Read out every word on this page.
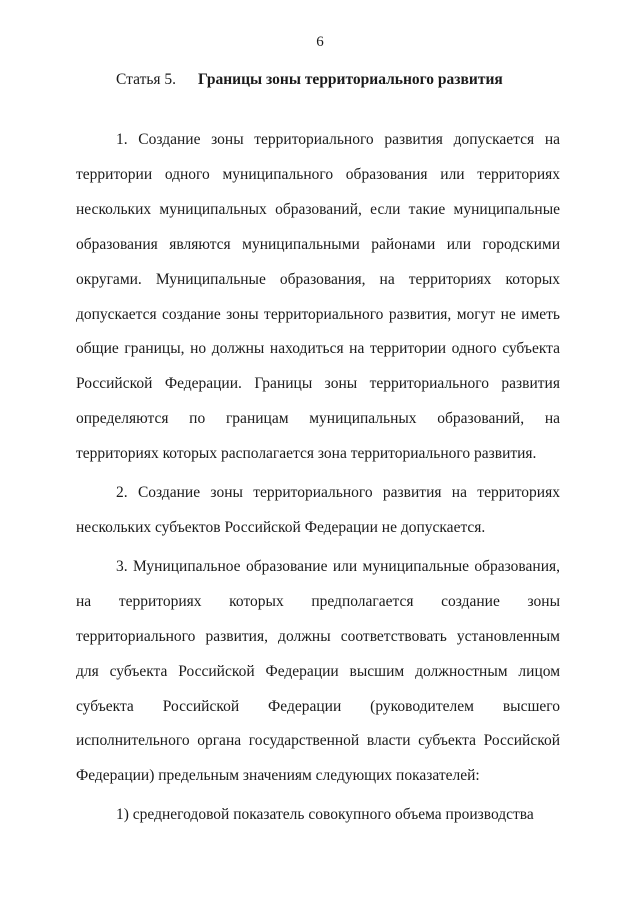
6
Статья 5. Границы зоны территориального развития

1. Создание зоны территориального развития допускается на территории одного муниципального образования или территориях нескольких муниципальных образований, если такие муниципальные образования являются муниципальными районами или городскими округами. Муниципальные образования, на территориях которых допускается создание зоны территориального развития, могут не иметь общие границы, но должны находиться на территории одного субъекта Российской Федерации. Границы зоны территориального развития определяются по границам муниципальных образований, на территориях которых располагается зона территориального развития.

2. Создание зоны территориального развития на территориях нескольких субъектов Российской Федерации не допускается.

3. Муниципальное образование или муниципальные образования, на территориях которых предполагается создание зоны территориального развития, должны соответствовать установленным для субъекта Российской Федерации высшим должностным лицом субъекта Российской Федерации (руководителем высшего исполнительного органа государственной власти субъекта Российской Федерации) предельным значениям следующих показателей:

1) среднегодовой показатель совокупного объема производства
